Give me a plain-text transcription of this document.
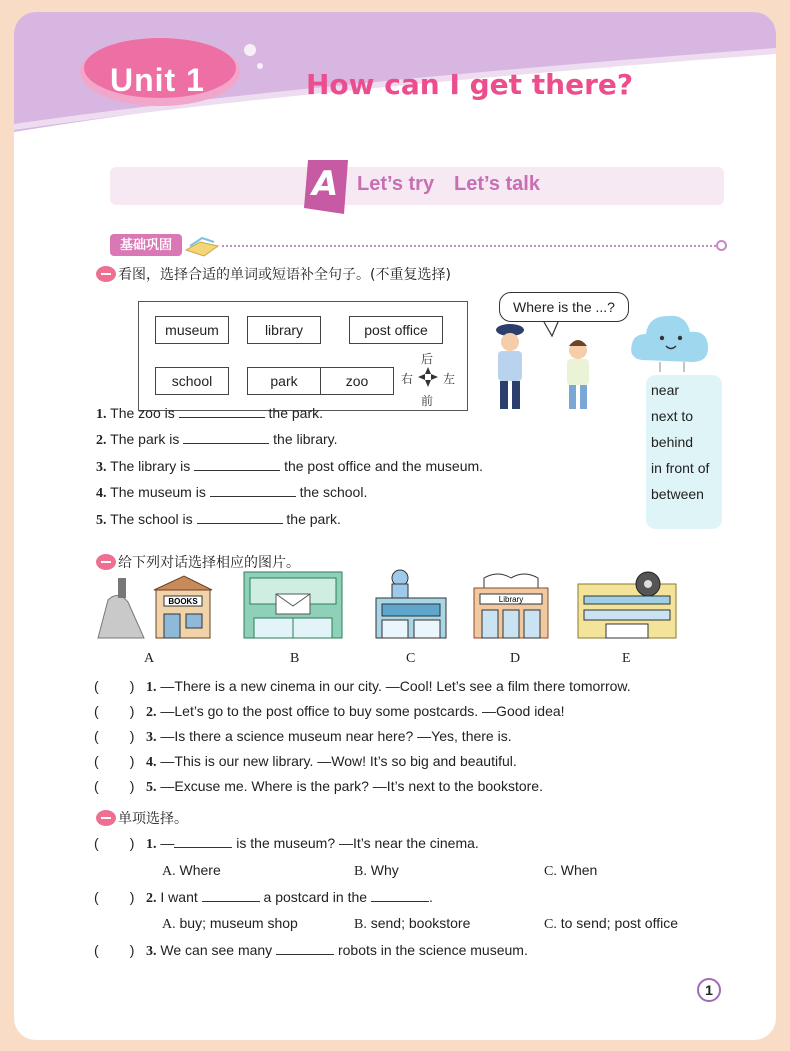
Unit 1	How can I get there?
A Let’s try Let’s talk
基础巩固
看图，选择合适的单词或短语补全句子。(不重复选择)
museum	library	post office
school	park	zoo
后
右 左
前
Where is the ...?
near
next to
behind
in front of
between
1. The zoo is	the park.
2. The park is	the library.
3. The library is	the post office and the museum.
4. The museum is	the school.
5. The school is	the park.
给下列对话选择相应的图片。
BOOKS	Library
A	B	C	D	E
(        ) 1. —There is a new cinema in our city. —Cool! Let’s see a film there tomorrow.
(        ) 2. —Let’s go to the post office to buy some postcards. —Good idea!
(        ) 3. —Is there a science museum near here? —Yes, there is.
(        ) 4. —This is our new library. —Wow! It’s so big and beautiful.
(        ) 5. —Excuse me. Where is the park? —It’s next to the bookstore.
单项选择。
(        ) 1. —	is the museum? —It’s near the cinema.
A. Where	B. Why	C. When
(        ) 2. I want	a postcard in the	.
A. buy; museum shop	B. send; bookstore	C. to send; post office
(        ) 3. We can see many	robots in the science museum.
1
